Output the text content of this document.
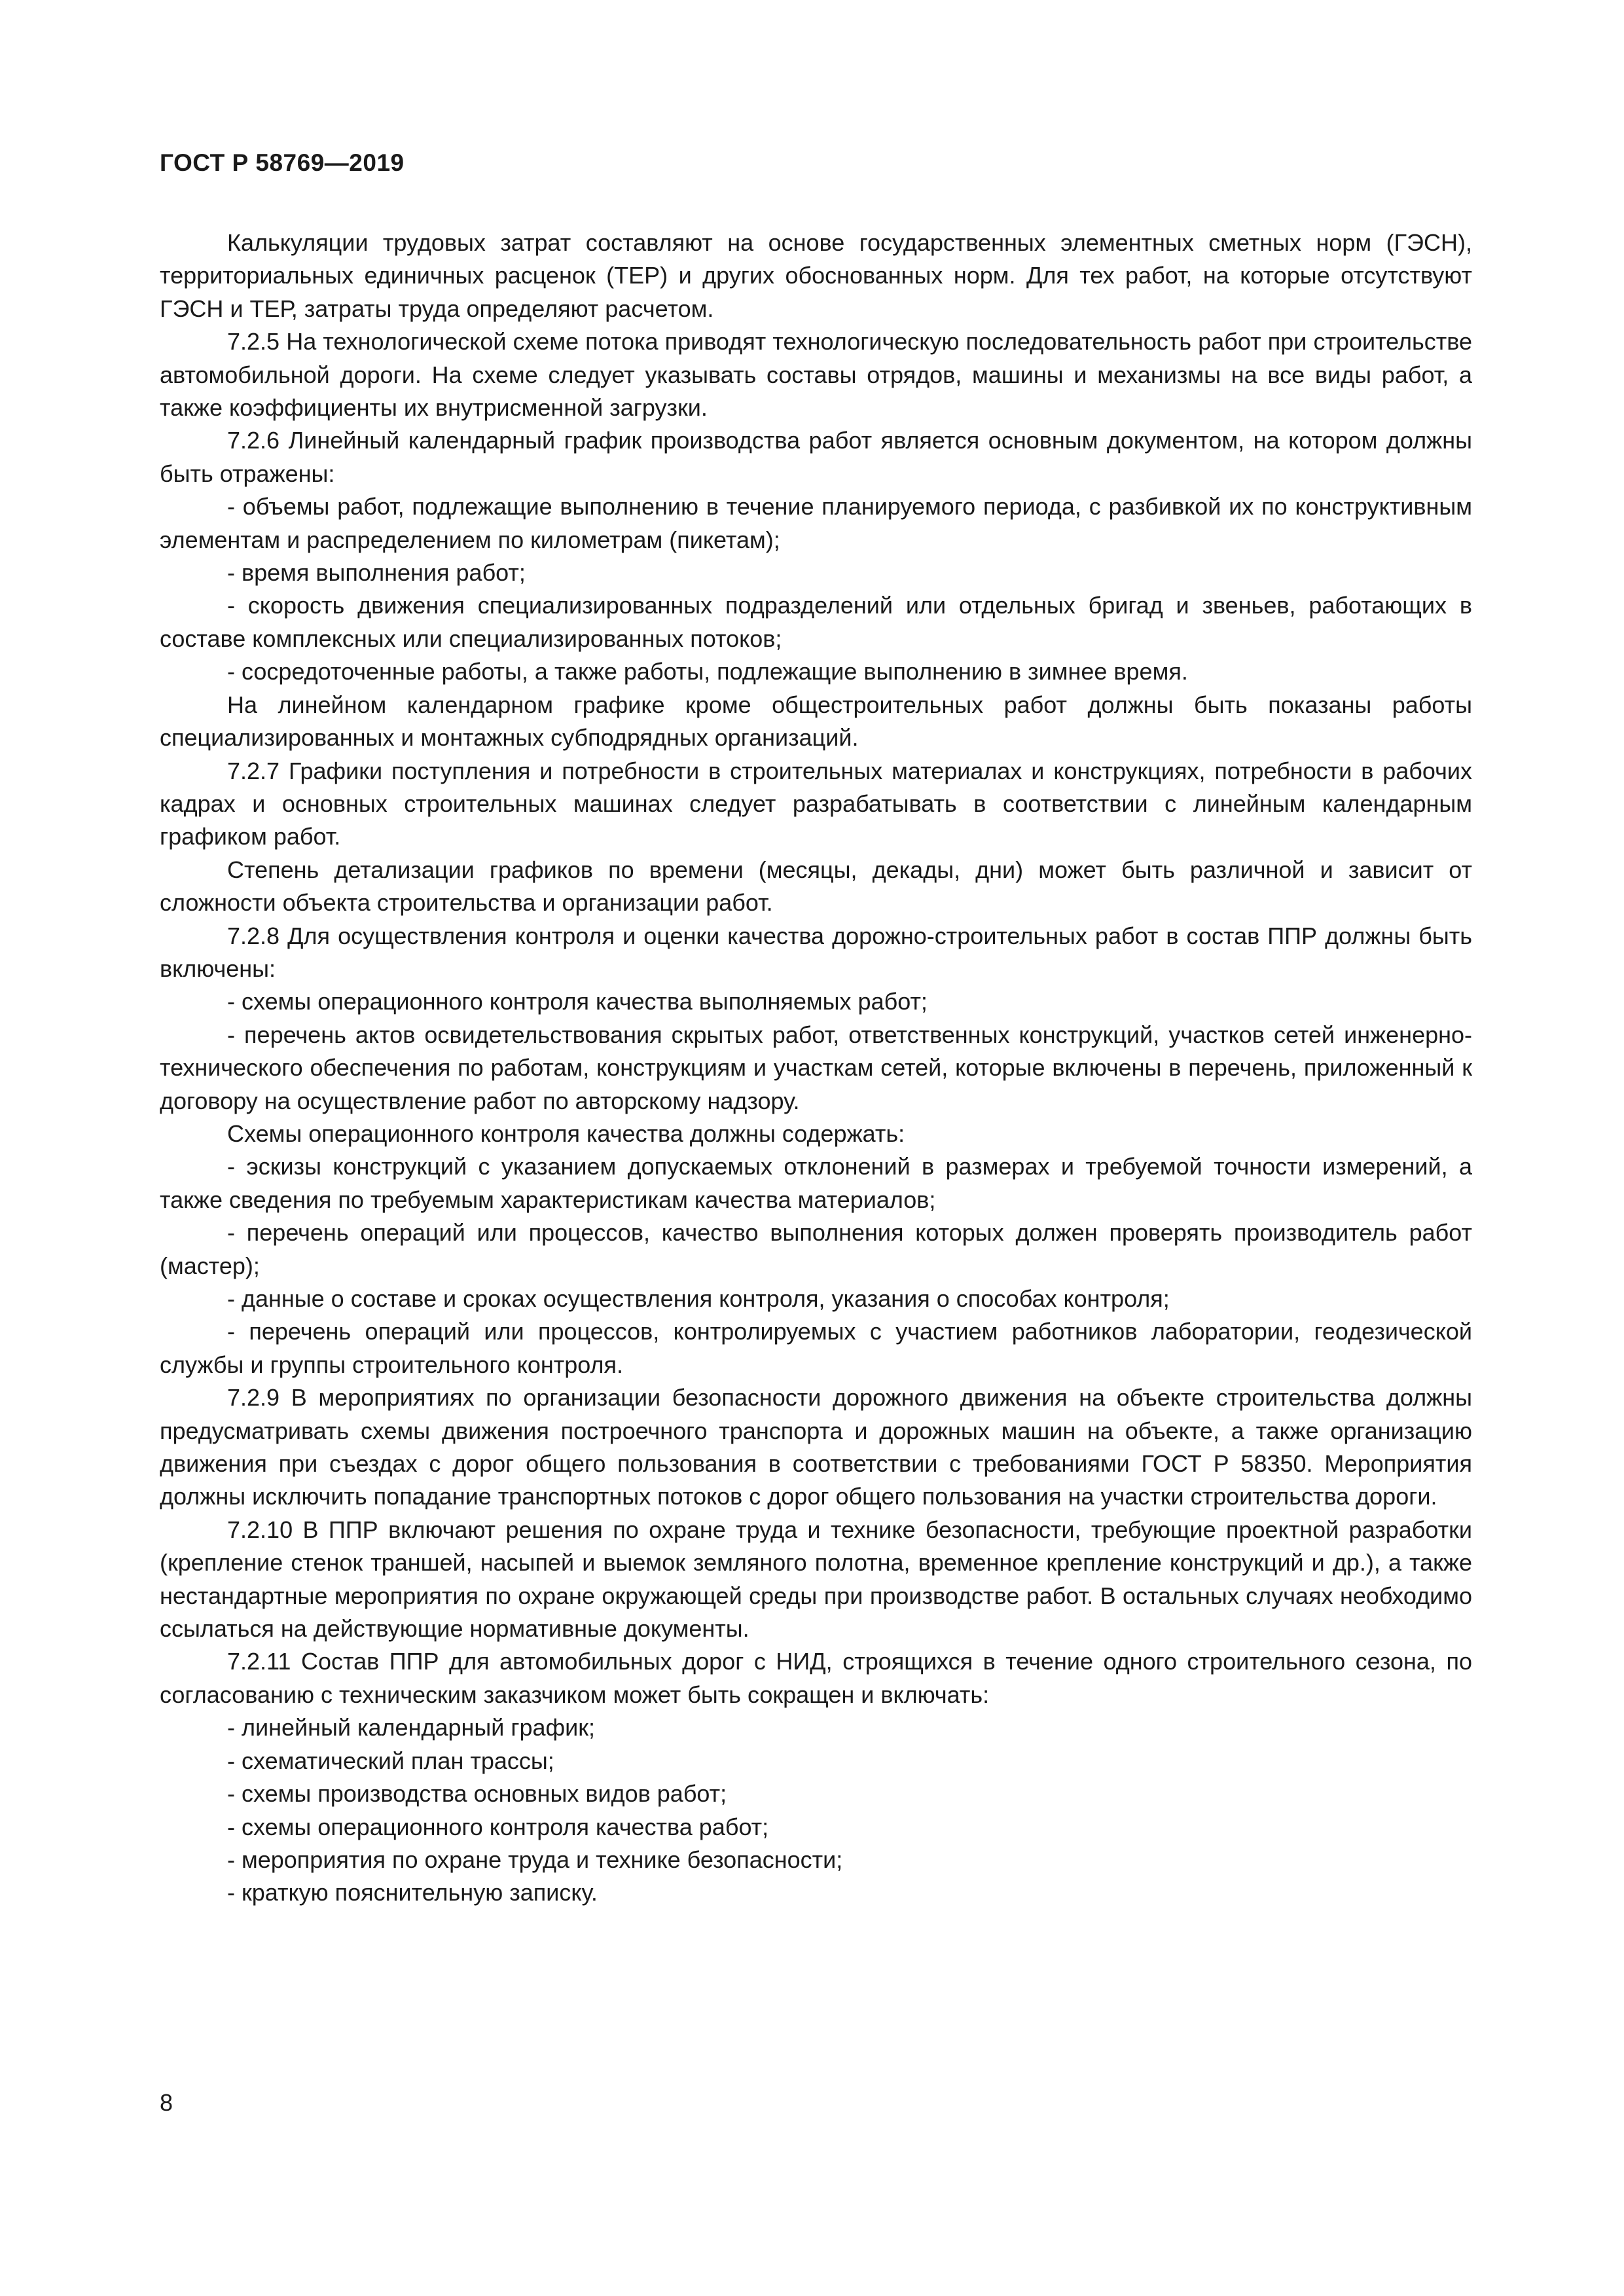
ГОСТ Р 58769—2019

Калькуляции трудовых затрат составляют на основе государственных элементных сметных норм (ГЭСН), территориальных единичных расценок (ТЕР) и других обоснованных норм. Для тех работ, на которые отсутствуют ГЭСН и ТЕР, затраты труда определяют расчетом.

7.2.5 На технологической схеме потока приводят технологическую последовательность работ при строительстве автомобильной дороги. На схеме следует указывать составы отрядов, машины и механизмы на все виды работ, а также коэффициенты их внутрисменной загрузки.

7.2.6 Линейный календарный график производства работ является основным документом, на котором должны быть отражены:

- объемы работ, подлежащие выполнению в течение планируемого периода, с разбивкой их по конструктивным элементам и распределением по километрам (пикетам);

- время выполнения работ;

- скорость движения специализированных подразделений или отдельных бригад и звеньев, работающих в составе комплексных или специализированных потоков;

- сосредоточенные работы, а также работы, подлежащие выполнению в зимнее время.

На линейном календарном графике кроме общестроительных работ должны быть показаны работы специализированных и монтажных субподрядных организаций.

7.2.7 Графики поступления и потребности в строительных материалах и конструкциях, потребности в рабочих кадрах и основных строительных машинах следует разрабатывать в соответствии с линейным календарным графиком работ.

Степень детализации графиков по времени (месяцы, декады, дни) может быть различной и зависит от сложности объекта строительства и организации работ.

7.2.8 Для осуществления контроля и оценки качества дорожно-строительных работ в состав ППР должны быть включены:

- схемы операционного контроля качества выполняемых работ;

- перечень актов освидетельствования скрытых работ, ответственных конструкций, участков сетей инженерно-технического обеспечения по работам, конструкциям и участкам сетей, которые включены в перечень, приложенный к договору на осуществление работ по авторскому надзору.

Схемы операционного контроля качества должны содержать:

- эскизы конструкций с указанием допускаемых отклонений в размерах и требуемой точности измерений, а также сведения по требуемым характеристикам качества материалов;

- перечень операций или процессов, качество выполнения которых должен проверять производитель работ (мастер);

- данные о составе и сроках осуществления контроля, указания о способах контроля;

- перечень операций или процессов, контролируемых с участием работников лаборатории, геодезической службы и группы строительного контроля.

7.2.9 В мероприятиях по организации безопасности дорожного движения на объекте строительства должны предусматривать схемы движения построечного транспорта и дорожных машин на объекте, а также организацию движения при съездах с дорог общего пользования в соответствии с требованиями ГОСТ Р 58350. Мероприятия должны исключить попадание транспортных потоков с дорог общего пользования на участки строительства дороги.

7.2.10 В ППР включают решения по охране труда и технике безопасности, требующие проектной разработки (крепление стенок траншей, насыпей и выемок земляного полотна, временное крепление конструкций и др.), а также нестандартные мероприятия по охране окружающей среды при производстве работ. В остальных случаях необходимо ссылаться на действующие нормативные документы.

7.2.11 Состав ППР для автомобильных дорог с НИД, строящихся в течение одного строительного сезона, по согласованию с техническим заказчиком может быть сокращен и включать:

- линейный календарный график;

- схематический план трассы;

- схемы производства основных видов работ;

- схемы операционного контроля качества работ;

- мероприятия по охране труда и технике безопасности;

- краткую пояснительную записку.

8
